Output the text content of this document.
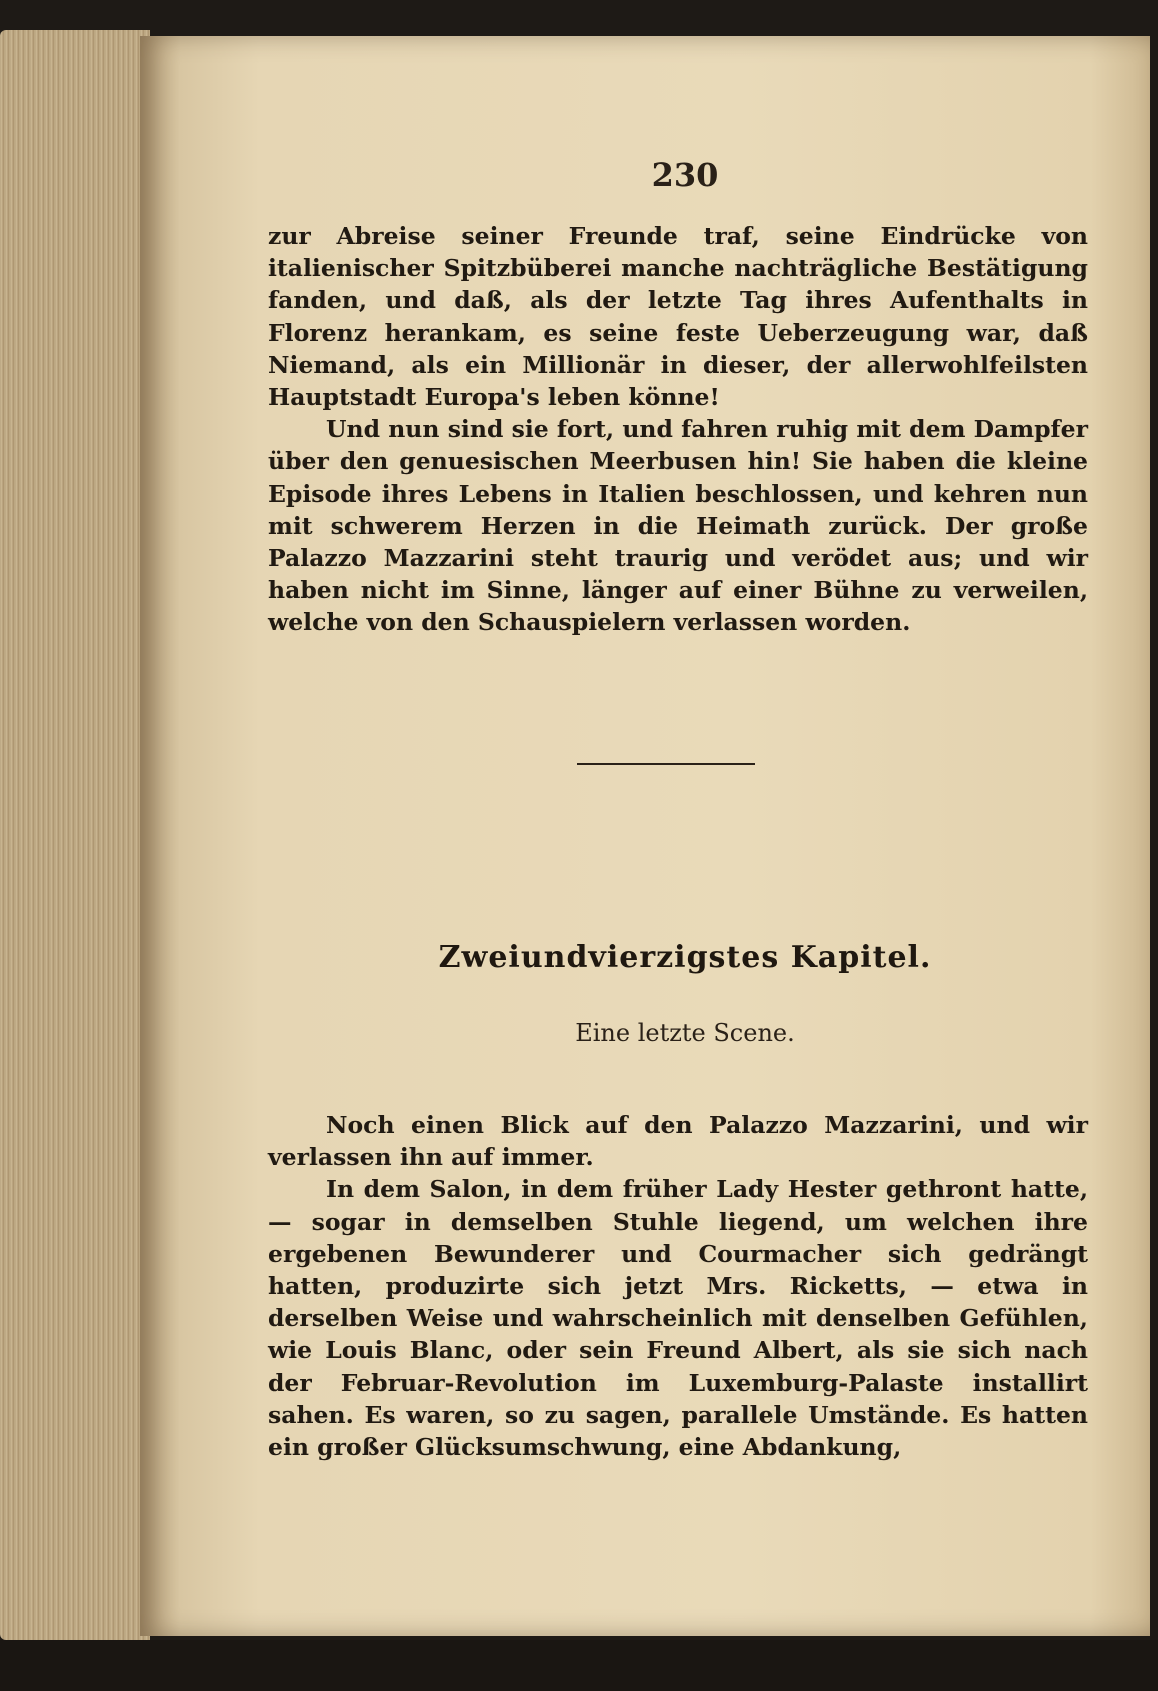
230

zur Abreise seiner Freunde traf, seine Eindrücke von italienischer Spitzbüberei manche nachträgliche Bestätigung fanden, und daß, als der letzte Tag ihres Aufenthalts in Florenz herankam, es seine feste Ueberzeugung war, daß Niemand, als ein Millionär in dieser, der allerwohlfeilsten Hauptstadt Europa's leben könne!

Und nun sind sie fort, und fahren ruhig mit dem Dampfer über den genuesischen Meerbusen hin! Sie haben die kleine Episode ihres Lebens in Italien beschlossen, und kehren nun mit schwerem Herzen in die Heimath zurück. Der große Palazzo Mazzarini steht traurig und verödet aus; und wir haben nicht im Sinne, länger auf einer Bühne zu verweilen, welche von den Schauspielern verlassen worden.

Zweiundvierzigstes Kapitel.
Eine letzte Scene.

Noch einen Blick auf den Palazzo Mazzarini, und wir verlassen ihn auf immer.

In dem Salon, in dem früher Lady Hester gethront hatte, — sogar in demselben Stuhle liegend, um welchen ihre ergebenen Bewunderer und Courmacher sich gedrängt hatten, produzirte sich jetzt Mrs. Ricketts, — etwa in derselben Weise und wahrscheinlich mit denselben Gefühlen, wie Louis Blanc, oder sein Freund Albert, als sie sich nach der Februar-Revolution im Luxemburg-Palaste installirt sahen. Es waren, so zu sagen, parallele Umstände. Es hatten ein großer Glücksumschwung, eine Abdankung,
